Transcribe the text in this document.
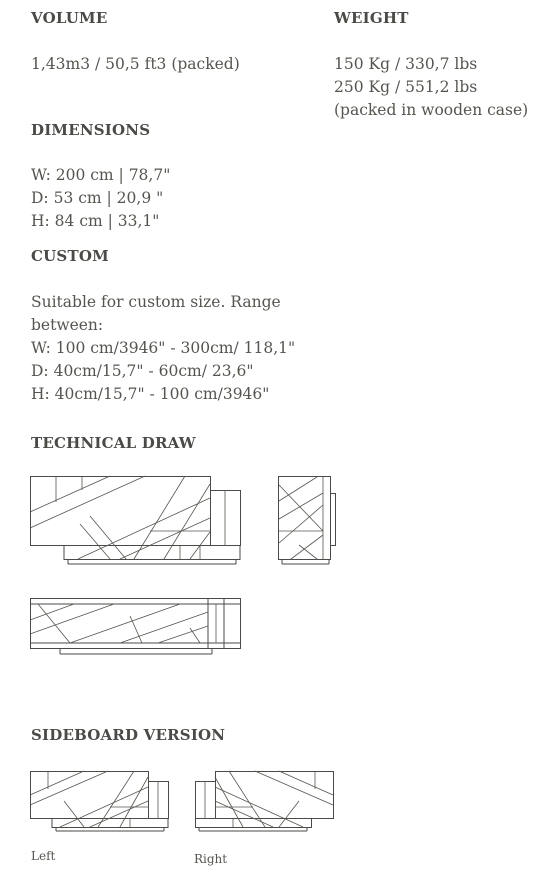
VOLUME
1,43m3 / 50,5 ft3 (packed)
WEIGHT
150 Kg / 330,7 lbs
250 Kg / 551,2 lbs
(packed in wooden case)
DIMENSIONS
W: 200 cm | 78,7"
D: 53 cm | 20,9 "
H: 84 cm | 33,1"
CUSTOM
Suitable for custom size. Range
between:
W: 100 cm/3946" - 300cm/ 118,1"
D: 40cm/15,7" - 60cm/ 23,6"
H: 40cm/15,7" - 100 cm/3946"
TECHNICAL DRAW
SIDEBOARD VERSION
Left	Right
